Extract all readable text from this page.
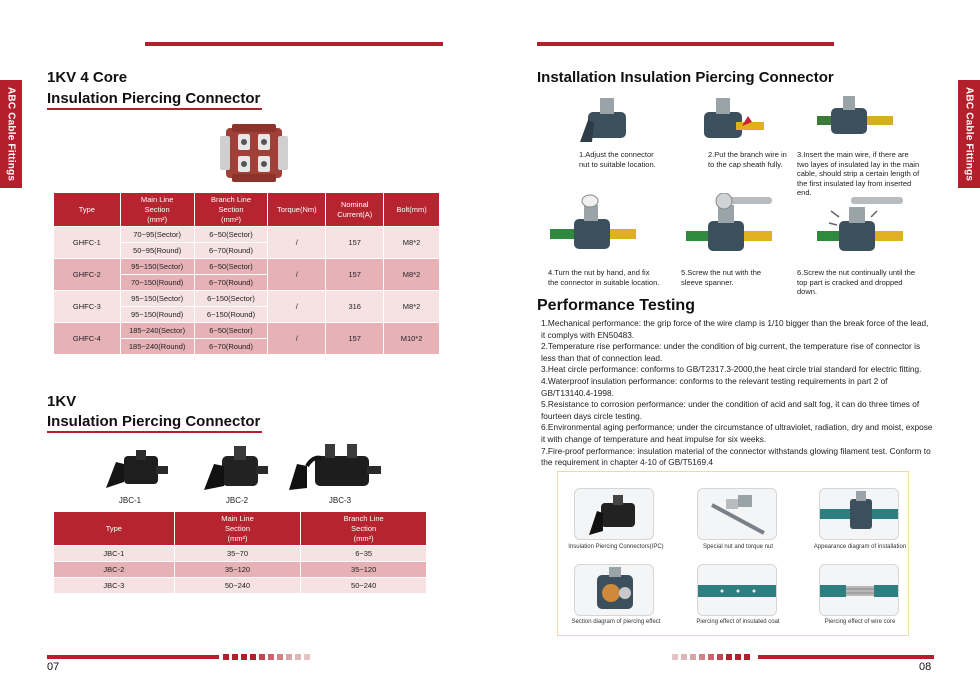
ABC Cable Fittings
1KV 4 Core
Insulation Piercing Connector
Type	Main Line
Section
(mm²)	Branch Line
Section
(mm²)	Torque(Nm)	Nominal
Current(A)	Bolt(mm)
GHFC-1	70~95(Sector)	6~50(Sector)	/	157	M8*2
	50~95(Round)	6~70(Round)			
GHFC-2	95~150(Sector)	6~50(Sector)	/	157	M8*2
	70~150(Round)	6~70(Round)			
GHFC-3	95~150(Sector)	6~150(Sector)	/	316	M8*2
	95~150(Round)	6~150(Round)			
GHFC-4	185~240(Sector)	6~50(Sector)	/	157	M10*2
	185~240(Round)	6~70(Round)			
1KV
Insulation Piercing Connector
JBC-1	JBC-2	JBC-3
Type	Main Line
Section
(mm²)	Branch Line
Section
(mm²)
JBC-1	35~70	6~35
JBC-2	35~120	35~120
JBC-3	50~240	50~240
07
ABC Cable Fittings
Installation Insulation Piercing Connector
1.Adjust the connector nut to suitable location.
2.Put the branch wire in to the cap sheath fully.
3.Insert the main wire, if there are two layes of insulated lay in the main cable, should strip a certain length of the first insulated lay from inserted end.
4.Turn the nut by hand, and fix the connector in suitable location.
5.Screw the nut with the sleeve spanner.
6.Screw the nut continually until the top part is cracked and dropped down.
Performance Testing

1.Mechanical performance: the grip force of the wire clamp is 1/10 bigger than the break force of the lead, it complys with EN50483.

2.Temperature rise performance: under the condition of big current, the temperature rise of connector is less than that of connection lead.

3.Heat circle performance: conforms to GB/T2317.3-2000,the heat circle trial standard for electric fitting.

4.Waterproof insulation performance: conforms to the relevant testing requirements in part 2 of GB/T13140.4-1998.

5.Resistance to corrosion performance: under the condition of acid and salt fog, it can do three times of fourteen days circle testing.

6.Environmental aging performance: under the circumstance of ultraviolet, radiation, dry and moist, expose it with change of temperature and heat impulse for six weeks.

7.Fire-proof performance: insulation material of the connector withstands glowing filament test. Conform to the requirement in chapter 4-10 of GB/T5169.4

Insulation Piercing Connectors(IPC)	Special nut and torque nut	Appearance diagram of installation
Section diagram of piercing effect	Piercing effect of insulated coat	Piercing effect of wire core
08
